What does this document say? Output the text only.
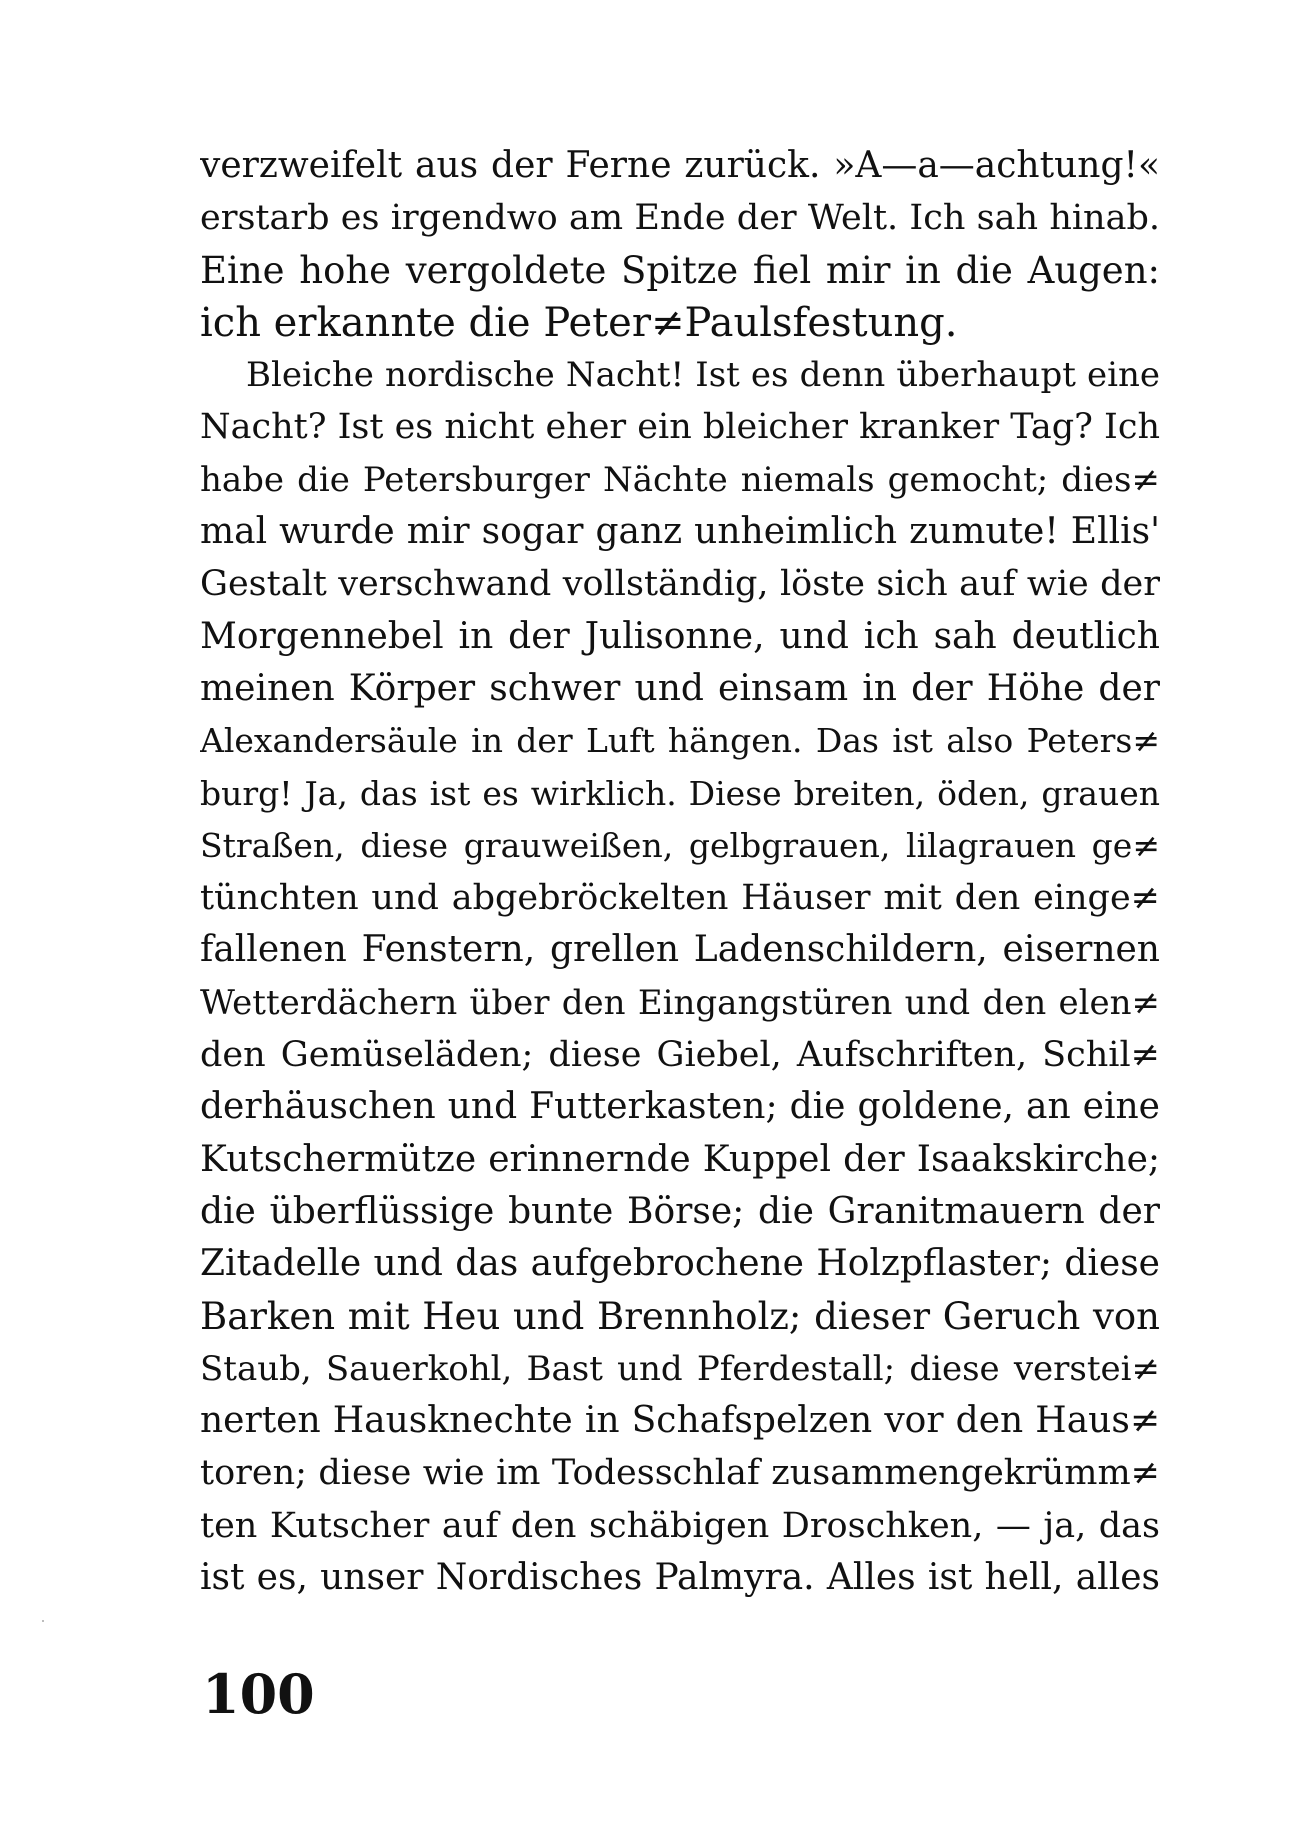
verzweifelt aus der Ferne zurück. »A—a—achtung!«
erstarb es irgendwo am Ende der Welt. Ich sah hinab.
Eine hohe vergoldete Spitze fiel mir in die Augen:
ich erkannte die Peter≠Paulsfestung.
Bleiche nordische Nacht! Ist es denn überhaupt eine
Nacht? Ist es nicht eher ein bleicher kranker Tag? Ich
habe die Petersburger Nächte niemals gemocht; dies≠
mal wurde mir sogar ganz unheimlich zumute! Ellis'
Gestalt verschwand vollständig, löste sich auf wie der
Morgennebel in der Julisonne, und ich sah deutlich
meinen Körper schwer und einsam in der Höhe der
Alexandersäule in der Luft hängen. Das ist also Peters≠
burg! Ja, das ist es wirklich. Diese breiten, öden, grauen
Straßen, diese grauweißen, gelbgrauen, lilagrauen ge≠
tünchten und abgebröckelten Häuser mit den einge≠
fallenen Fenstern, grellen Ladenschildern, eisernen
Wetterdächern über den Eingangstüren und den elen≠
den Gemüseläden; diese Giebel, Aufschriften, Schil≠
derhäuschen und Futterkasten; die goldene, an eine
Kutschermütze erinnernde Kuppel der Isaakskirche;
die überflüssige bunte Börse; die Granitmauern der
Zitadelle und das aufgebrochene Holzpflaster; diese
Barken mit Heu und Brennholz; dieser Geruch von
Staub, Sauerkohl, Bast und Pferdestall; diese verstei≠
nerten Hausknechte in Schafspelzen vor den Haus≠
toren; diese wie im Todesschlaf zusammengekrümm≠
ten Kutscher auf den schäbigen Droschken, — ja, das
ist es, unser Nordisches Palmyra. Alles ist hell, alles
100
